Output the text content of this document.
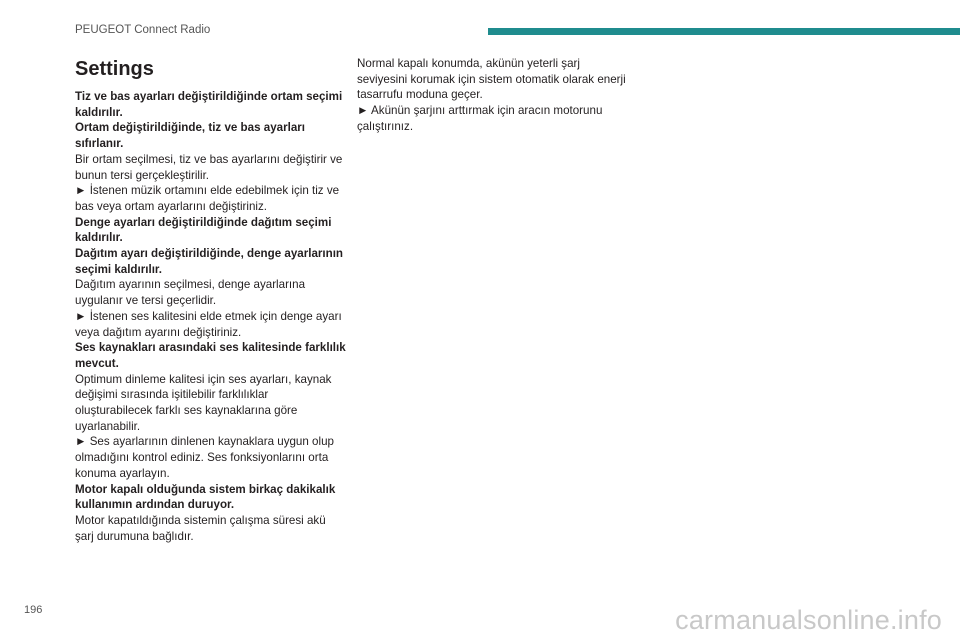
PEUGEOT Connect Radio
Settings

Tiz ve bas ayarları değiştirildiğinde ortam seçimi kaldırılır.

Ortam değiştirildiğinde, tiz ve bas ayarları sıfırlanır.

Bir ortam seçilmesi, tiz ve bas ayarlarını değiştirir ve bunun tersi gerçekleştirilir.

► İstenen müzik ortamını elde edebilmek için tiz ve bas veya ortam ayarlarını değiştiriniz.

Denge ayarları değiştirildiğinde dağıtım seçimi kaldırılır.

Dağıtım ayarı değiştirildiğinde, denge ayarlarının seçimi kaldırılır.

Dağıtım ayarının seçilmesi, denge ayarlarına uygulanır ve tersi geçerlidir.

► İstenen ses kalitesini elde etmek için denge ayarı veya dağıtım ayarını değiştiriniz.

Ses kaynakları arasındaki ses kalitesinde farklılık mevcut.

Optimum dinleme kalitesi için ses ayarları, kaynak değişimi sırasında işitilebilir farklılıklar oluşturabilecek farklı ses kaynaklarına göre uyarlanabilir.

► Ses ayarlarının dinlenen kaynaklara uygun olup olmadığını kontrol ediniz. Ses fonksiyonlarını orta konuma ayarlayın.

Motor kapalı olduğunda sistem birkaç dakikalık kullanımın ardından duruyor.

Motor kapatıldığında sistemin çalışma süresi akü şarj durumuna bağlıdır.

Normal kapalı konumda, akünün yeterli şarj seviyesini korumak için sistem otomatik olarak enerji tasarrufu moduna geçer.

► Akünün şarjını arttırmak için aracın motorunu çalıştırınız.

196	carmanualsonline.info
